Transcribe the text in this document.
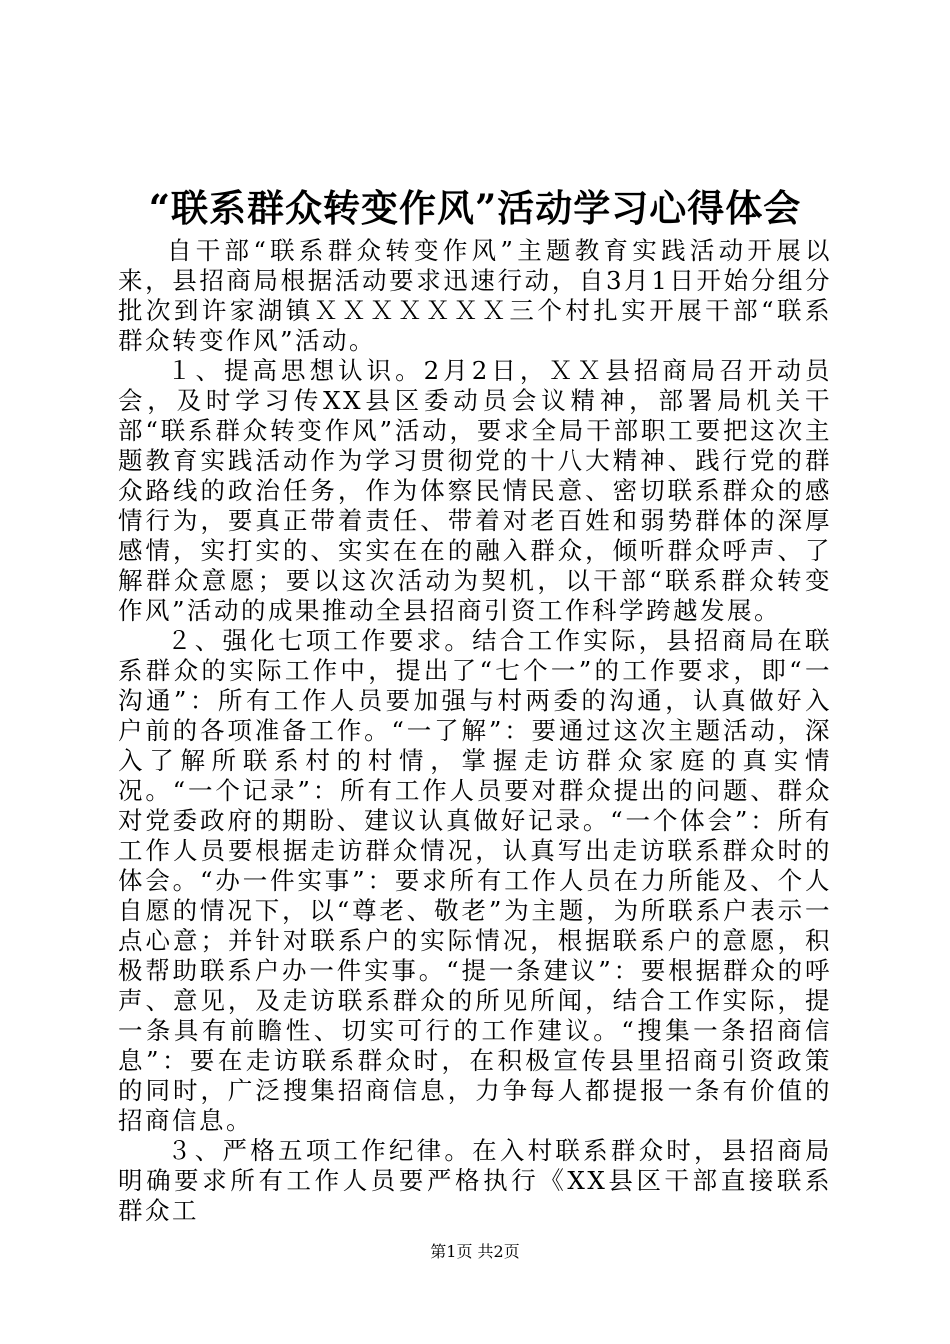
“联系群众转变作风”活动学习心得体会

自干部“联系群众转变作风”主题教育实践活动开展以来，县招商局根据活动要求迅速行动，自3月1日开始分组分批次到许家湖镇ＸＸＸＸＸＸＸ三个村扎实开展干部“联系群众转变作风”活动。

１、提高思想认识。2月2日，ＸＸ县招商局召开动员会，及时学习传XX县区委动员会议精神，部署局机关干部“联系群众转变作风”活动，要求全局干部职工要把这次主题教育实践活动作为学习贯彻党的十八大精神、践行党的群众路线的政治任务，作为体察民情民意、密切联系群众的感情行为，要真正带着责任、带着对老百姓和弱势群体的深厚感情，实打实的、实实在在的融入群众，倾听群众呼声、了解群众意愿；要以这次活动为契机，以干部“联系群众转变作风”活动的成果推动全县招商引资工作科学跨越发展。

２、强化七项工作要求。结合工作实际，县招商局在联系群众的实际工作中，提出了“七个一”的工作要求，即“一沟通”：所有工作人员要加强与村两委的沟通，认真做好入户前的各项准备工作。“一了解”：要通过这次主题活动，深入了解所联系村的村情，掌握走访群众家庭的真实情况。“一个记录”：所有工作人员要对群众提出的问题、群众对党委政府的期盼、建议认真做好记录。“一个体会”：所有工作人员要根据走访群众情况，认真写出走访联系群众时的体会。“办一件实事”：要求所有工作人员在力所能及、个人自愿的情况下，以“尊老、敬老”为主题，为所联系户表示一点心意；并针对联系户的实际情况，根据联系户的意愿，积极帮助联系户办一件实事。“提一条建议”：要根据群众的呼声、意见，及走访联系群众的所见所闻，结合工作实际，提一条具有前瞻性、切实可行的工作建议。“搜集一条招商信息”：要在走访联系群众时，在积极宣传县里招商引资政策的同时，广泛搜集招商信息，力争每人都提报一条有价值的招商信息。

３、严格五项工作纪律。在入村联系群众时，县招商局明确要求所有工作人员要严格执行《XX县区干部直接联系群众工

第1页 共2页
